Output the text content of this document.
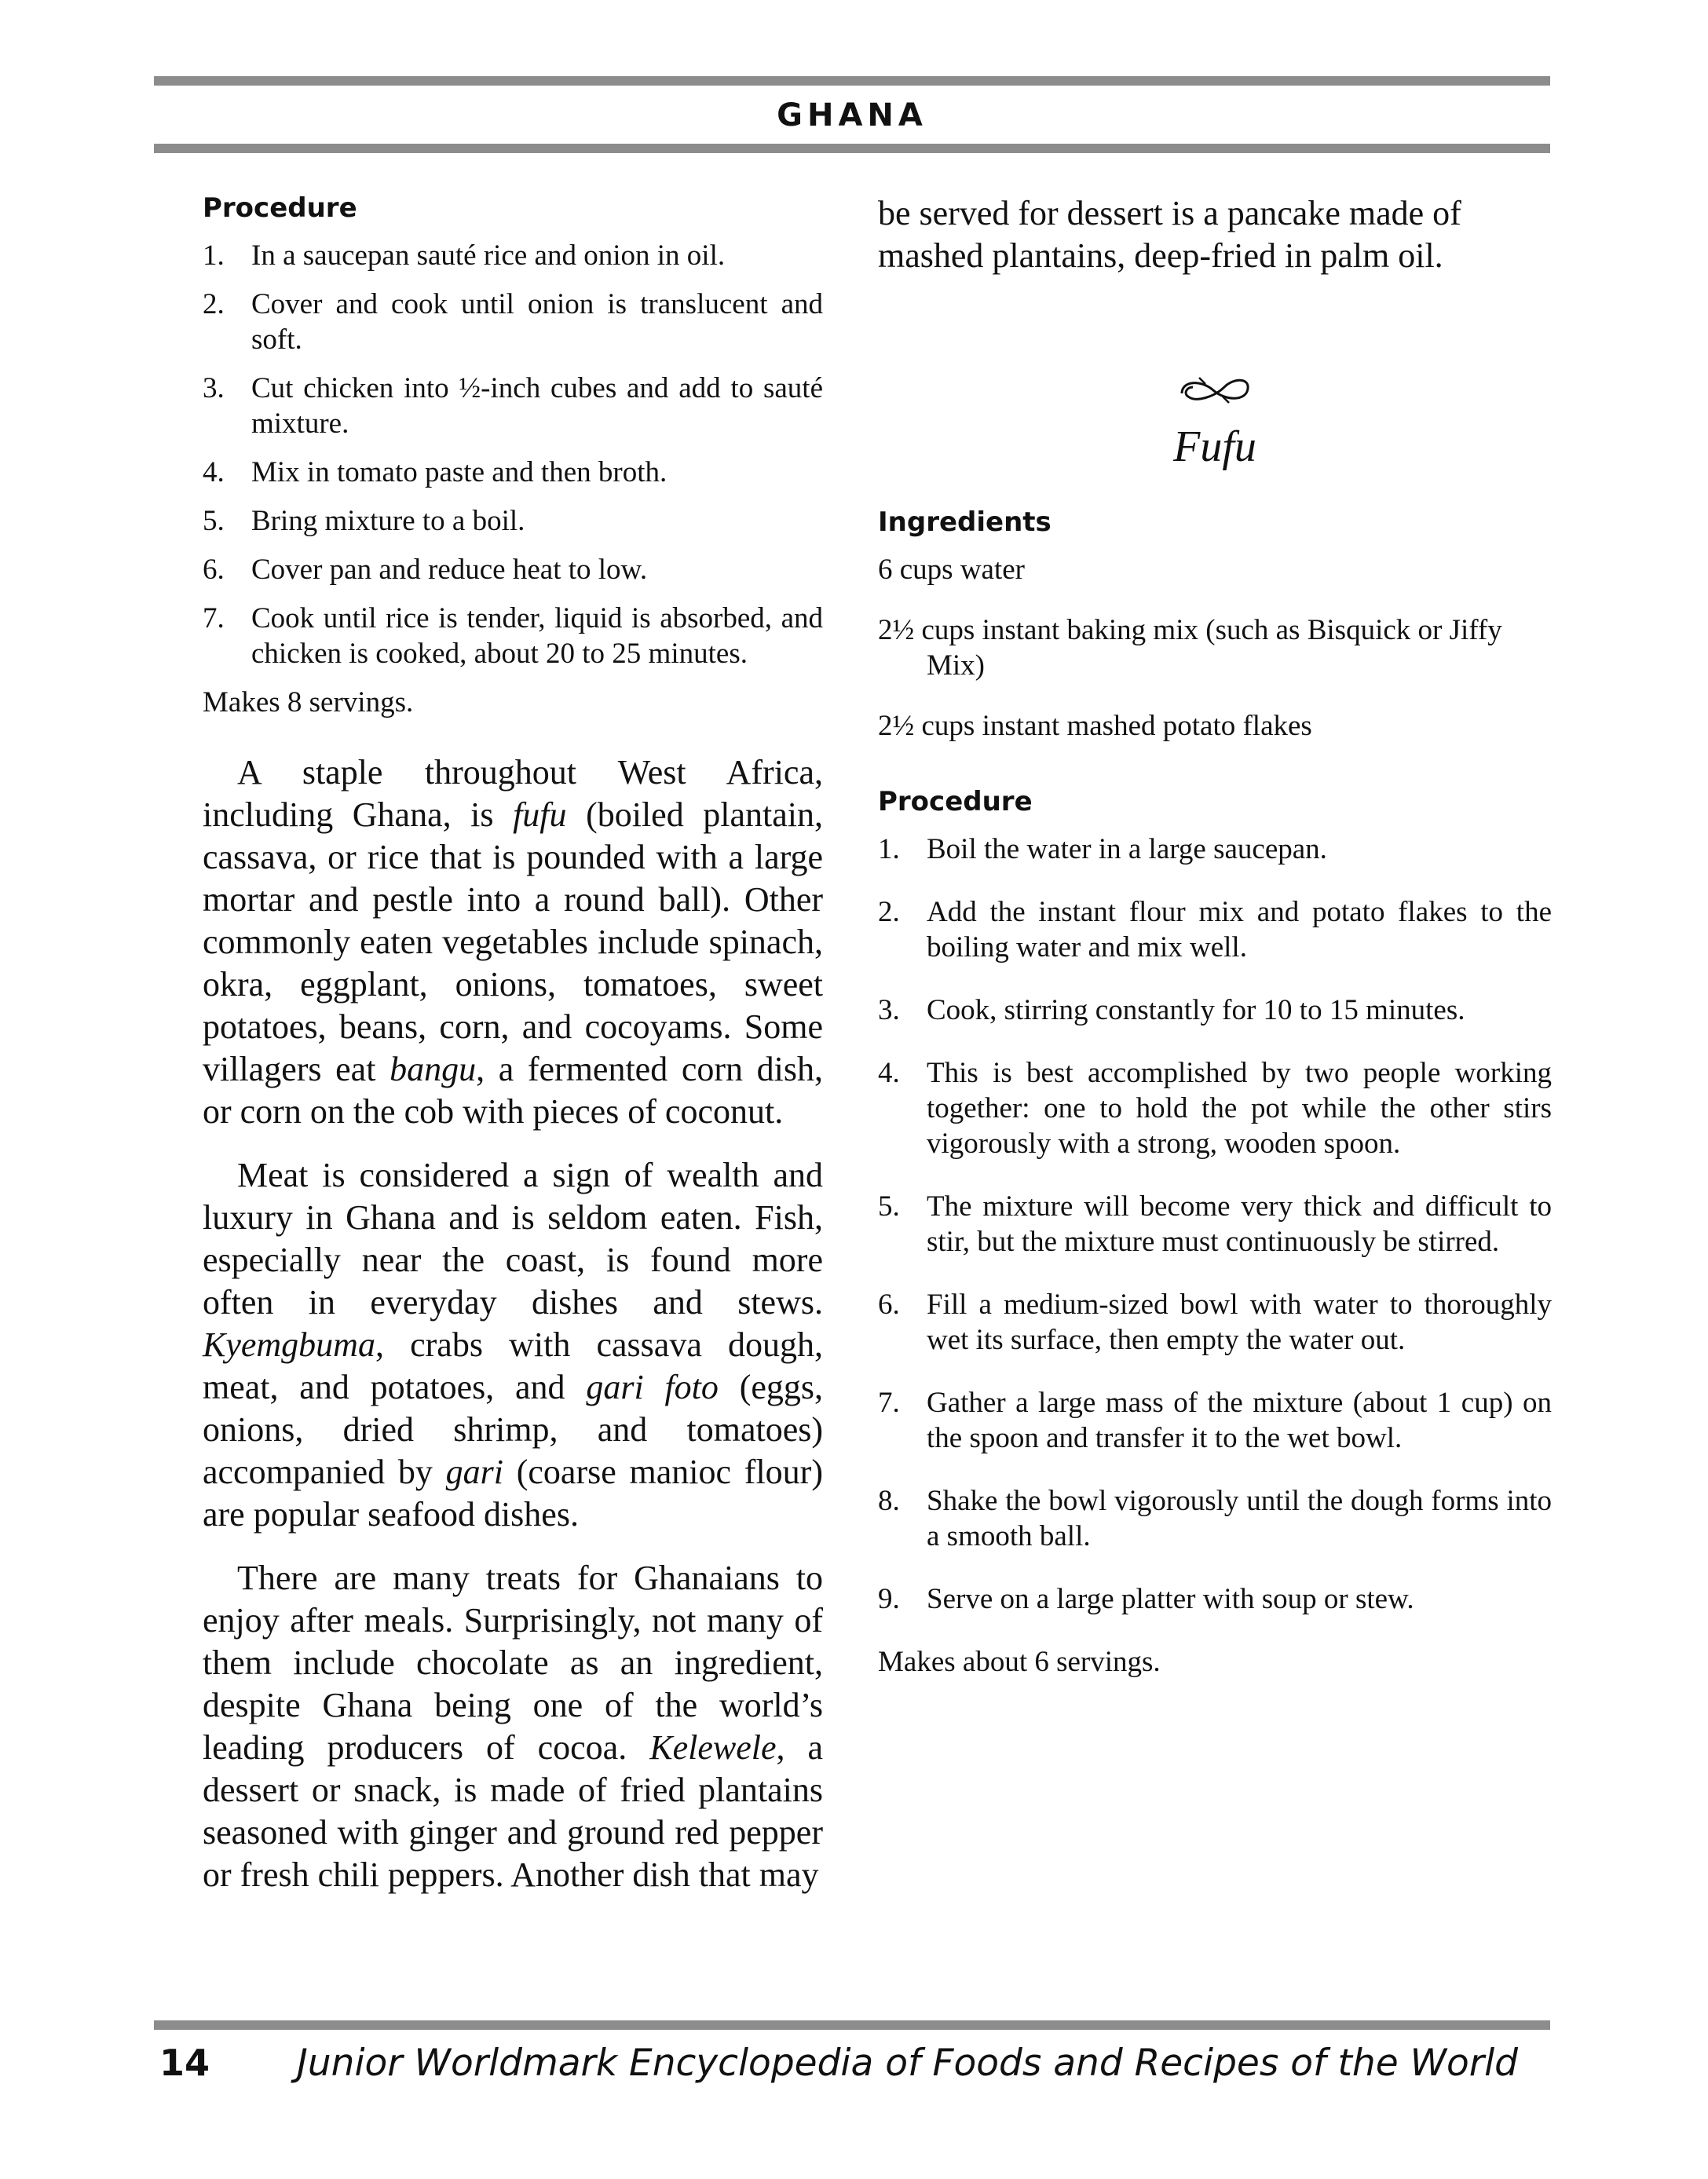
GHANA
Procedure
1. In a saucepan sauté rice and onion in oil.
2. Cover and cook until onion is translucent and soft.
3. Cut chicken into ½-inch cubes and add to sauté mixture.
4. Mix in tomato paste and then broth.
5. Bring mixture to a boil.
6. Cover pan and reduce heat to low.
7. Cook until rice is tender, liquid is absorbed, and chicken is cooked, about 20 to 25 minutes.

Makes 8 servings.

A staple throughout West Africa, including Ghana, is fufu (boiled plantain, cassava, or rice that is pounded with a large mortar and pestle into a round ball). Other commonly eaten vegetables include spinach, okra, eggplant, onions, tomatoes, sweet potatoes, beans, corn, and cocoyams. Some villagers eat bangu, a fermented corn dish, or corn on the cob with pieces of coconut.

Meat is considered a sign of wealth and luxury in Ghana and is seldom eaten. Fish, especially near the coast, is found more often in everyday dishes and stews. Kyemgbuma, crabs with cassava dough, meat, and potatoes, and gari foto (eggs, onions, dried shrimp, and tomatoes) accompanied by gari (coarse manioc flour) are popular seafood dishes.

There are many treats for Ghanaians to enjoy after meals. Surprisingly, not many of them include chocolate as an ingredient, despite Ghana being one of the world’s leading producers of cocoa. Kelewele, a dessert or snack, is made of fried plantains seasoned with ginger and ground red pepper or fresh chili peppers. Another dish that may

be served for dessert is a pancake made of mashed plantains, deep-fried in palm oil.

Fufu
Ingredients

6 cups water

2½ cups instant baking mix (such as Bisquick or Jiffy Mix)

2½ cups instant mashed potato flakes

Procedure
1. Boil the water in a large saucepan.
2. Add the instant flour mix and potato flakes to the boiling water and mix well.
3. Cook, stirring constantly for 10 to 15 minutes.
4. This is best accomplished by two people working together: one to hold the pot while the other stirs vigorously with a strong, wooden spoon.
5. The mixture will become very thick and difficult to stir, but the mixture must continuously be stirred.
6. Fill a medium-sized bowl with water to thoroughly wet its surface, then empty the water out.
7. Gather a large mass of the mixture (about 1 cup) on the spoon and transfer it to the wet bowl.
8. Shake the bowl vigorously until the dough forms into a smooth ball.
9. Serve on a large platter with soup or stew.

Makes about 6 servings.

14 Junior Worldmark Encyclopedia of Foods and Recipes of the World
